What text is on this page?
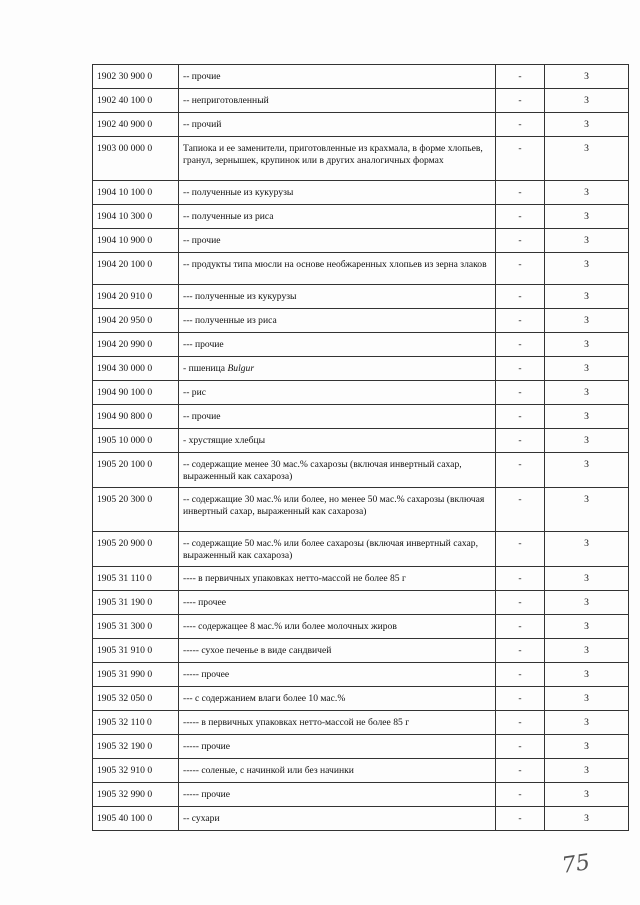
1902 30 900 0	-- прочие	-	3
1902 40 100 0	-- неприготовленный	-	3
1902 40 900 0	-- прочий	-	3
1903 00 000 0	Тапиока и ее заменители, приготовленные из крахмала, в форме хлопьев, гранул, зернышек, крупинок или в других аналогичных формах	-	3
1904 10 100 0	-- полученные из кукурузы	-	3
1904 10 300 0	-- полученные из риса	-	3
1904 10 900 0	-- прочие	-	3
1904 20 100 0	-- продукты типа мюсли на основе необжаренных хлопьев из зерна злаков	-	3
1904 20 910 0	--- полученные из кукурузы	-	3
1904 20 950 0	--- полученные из риса	-	3
1904 20 990 0	--- прочие	-	3
1904 30 000 0	- пшеница Bulgur	-	3
1904 90 100 0	-- рис	-	3
1904 90 800 0	-- прочие	-	3
1905 10 000 0	- хрустящие хлебцы	-	3
1905 20 100 0	-- содержащие менее 30 мас.% сахарозы (включая инвертный сахар, выраженный как сахароза)	-	3
1905 20 300 0	-- содержащие 30 мас.% или более, но менее 50 мас.% сахарозы (включая инвертный сахар, выраженный как сахароза)	-	3
1905 20 900 0	-- содержащие 50 мас.% или более сахарозы (включая инвертный сахар, выраженный как сахароза)	-	3
1905 31 110 0	---- в первичных упаковках нетто-массой не более 85 г	-	3
1905 31 190 0	---- прочее	-	3
1905 31 300 0	---- содержащее 8 мас.% или более молочных жиров	-	3
1905 31 910 0	----- сухое печенье в виде сандвичей	-	3
1905 31 990 0	----- прочее	-	3
1905 32 050 0	--- с содержанием влаги более 10 мас.%	-	3
1905 32 110 0	----- в первичных упаковках нетто-массой не более 85 г	-	3
1905 32 190 0	----- прочие	-	3
1905 32 910 0	----- соленые, с начинкой или без начинки	-	3
1905 32 990 0	----- прочие	-	3
1905 40 100 0	-- сухари	-	3
75
